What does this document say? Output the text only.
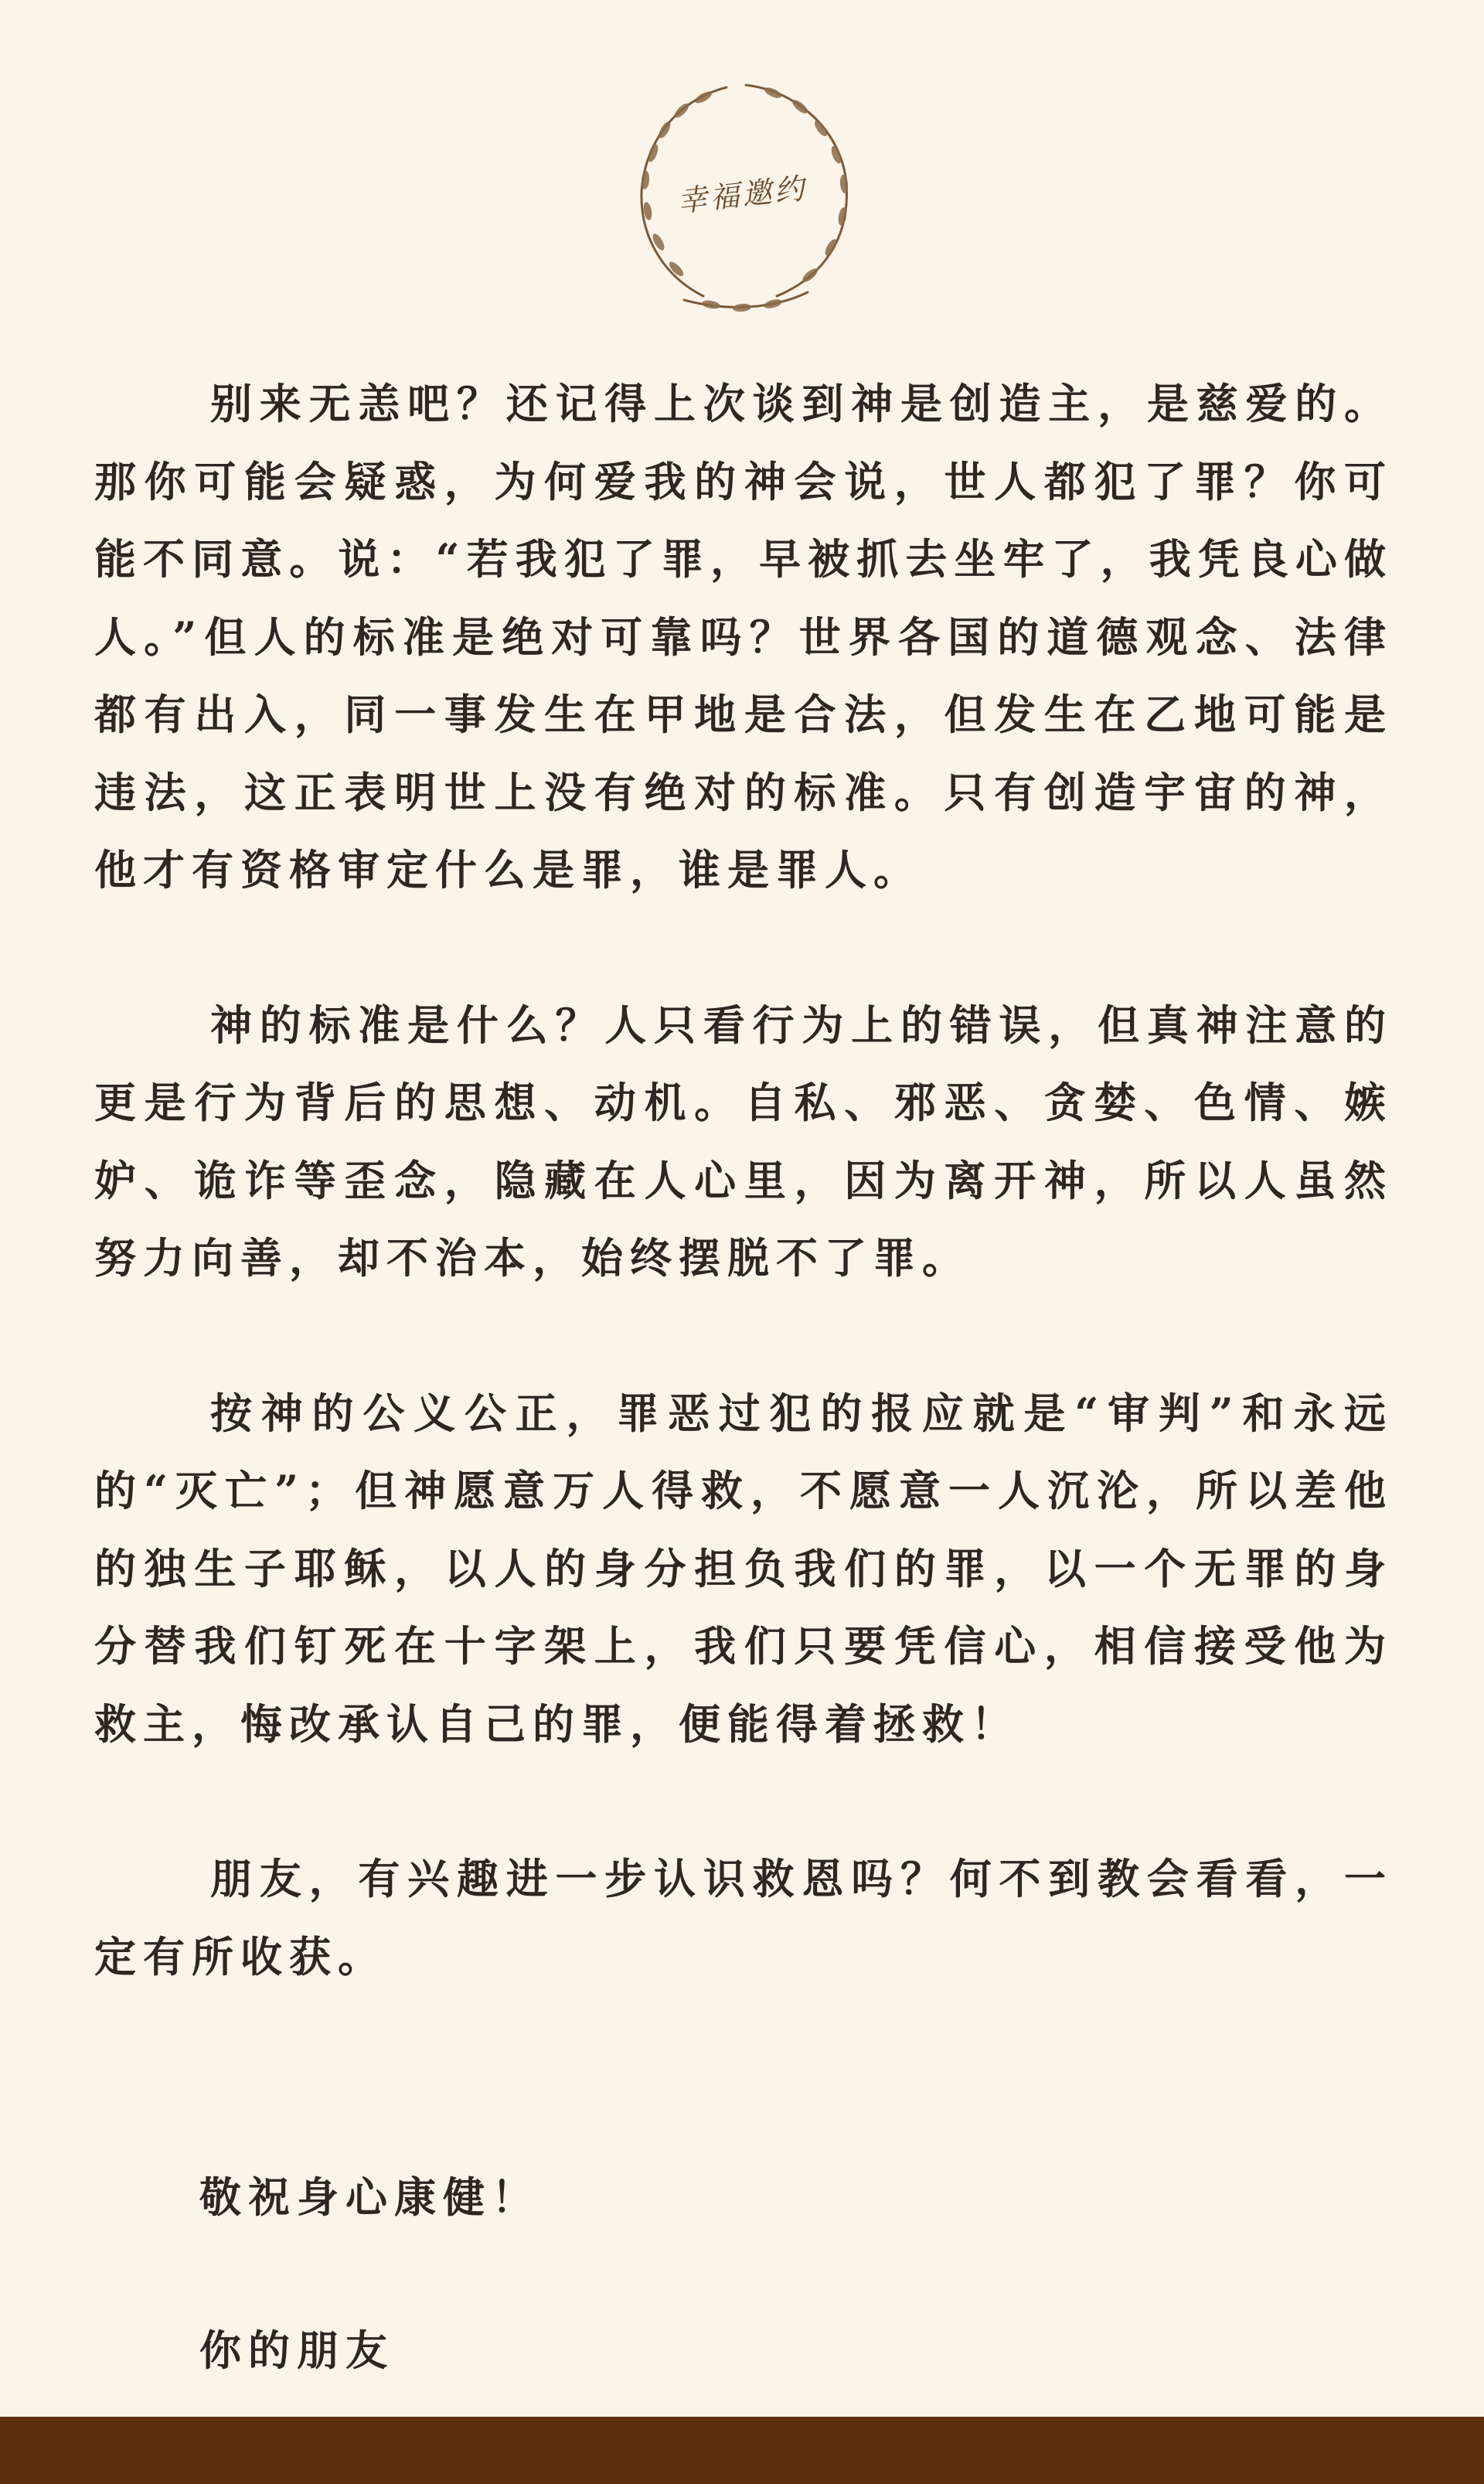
幸福邀约

别来无恙吧？还记得上次谈到神是创造主，是慈爱的。那你可能会疑惑，为何爱我的神会说，世人都犯了罪？你可能不同意。说：“若我犯了罪，早被抓去坐牢了，我凭良心做人。”但人的标准是绝对可靠吗？世界各国的道德观念、法律都有出入，同一事发生在甲地是合法，但发生在乙地可能是违法，这正表明世上没有绝对的标准。只有创造宇宙的神，他才有资格审定什么是罪，谁是罪人。

神的标准是什么？人只看行为上的错误，但真神注意的更是行为背后的思想、动机。自私、邪恶、贪婪、色情、嫉妒、诡诈等歪念，隐藏在人心里，因为离开神，所以人虽然努力向善，却不治本，始终摆脱不了罪。

按神的公义公正，罪恶过犯的报应就是“审判”和永远的“灭亡”；但神愿意万人得救，不愿意一人沉沦，所以差他的独生子耶稣，以人的身分担负我们的罪，以一个无罪的身分替我们钉死在十字架上，我们只要凭信心，相信接受他为救主，悔改承认自己的罪，便能得着拯救！

朋友，有兴趣进一步认识救恩吗？何不到教会看看，一定有所收获。

敬祝身心康健！

你的朋友
